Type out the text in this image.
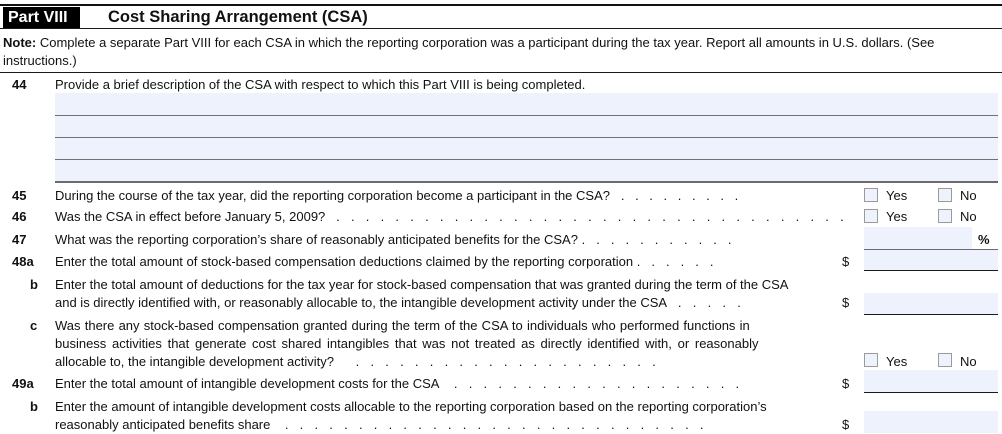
Part VIII	Cost Sharing Arrangement (CSA)
Note: Complete a separate Part VIII for each CSA in which the reporting corporation was a participant during the tax year. Report all amounts in U.S. dollars. (See instructions.)
44 Provide a brief description of the CSA with respect to which this Part VIII is being completed.
45 During the course of the tax year, did the reporting corporation become a participant in the CSA? . . . . . . . . .	Yes	No
46 Was the CSA in effect before January 5, 2009? . . . . . . . . . . . . . . . . . . . . . . . . . . . . . . . . . . .	Yes	No
47 What was the reporting corporation’s share of reasonably anticipated benefits for the CSA? . . . . . . . . . . .	%
48a Enter the total amount of stock-based compensation deductions claimed by the reporting corporation . . . . . .	$
b Enter the total amount of deductions for the tax year for stock-based compensation that was granted during the term of the CSA
and is directly identified with, or reasonably allocable to, the intangible development activity under the CSA . . . . .	$
c Was there any stock-based compensation granted during the term of the CSA to individuals who performed functions in
business activities that generate cost shared intangibles that was not treated as directly identified with, or reasonably
allocable to, the intangible development activity? . . . . . . . . . . . . . . . . . . . . .	Yes	No
49a Enter the total amount of intangible development costs for the CSA . . . . . . . . . . . . . . . . . . . .	$
b Enter the amount of intangible development costs allocable to the reporting corporation based on the reporting corporation’s
reasonably anticipated benefits share . . . . . . . . . . . . . . . . . . . . . . . . . . . . .	$
